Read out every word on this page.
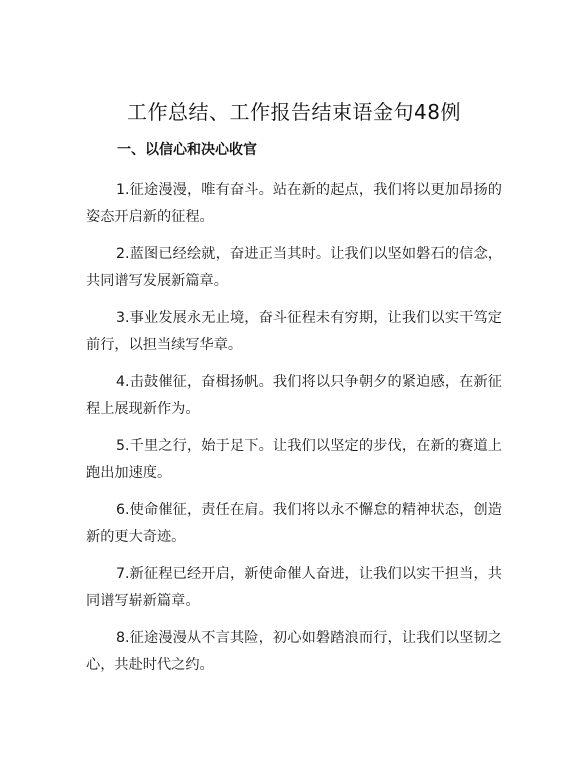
工作总结、工作报告结束语金句48例
一、以信心和决心收官

1.征途漫漫，唯有奋斗。站在新的起点，我们将以更加昂扬的姿态开启新的征程。

2.蓝图已经绘就，奋进正当其时。让我们以坚如磐石的信念，共同谱写发展新篇章。

3.事业发展永无止境，奋斗征程未有穷期，让我们以实干笃定前行，以担当续写华章。

4.击鼓催征，奋楫扬帆。我们将以只争朝夕的紧迫感，在新征程上展现新作为。

5.千里之行，始于足下。让我们以坚定的步伐，在新的赛道上跑出加速度。

6.使命催征，责任在肩。我们将以永不懈怠的精神状态，创造新的更大奇迹。

7.新征程已经开启，新使命催人奋进，让我们以实干担当，共同谱写崭新篇章。

8.征途漫漫从不言其险，初心如磐踏浪而行，让我们以坚韧之心，共赴时代之约。
